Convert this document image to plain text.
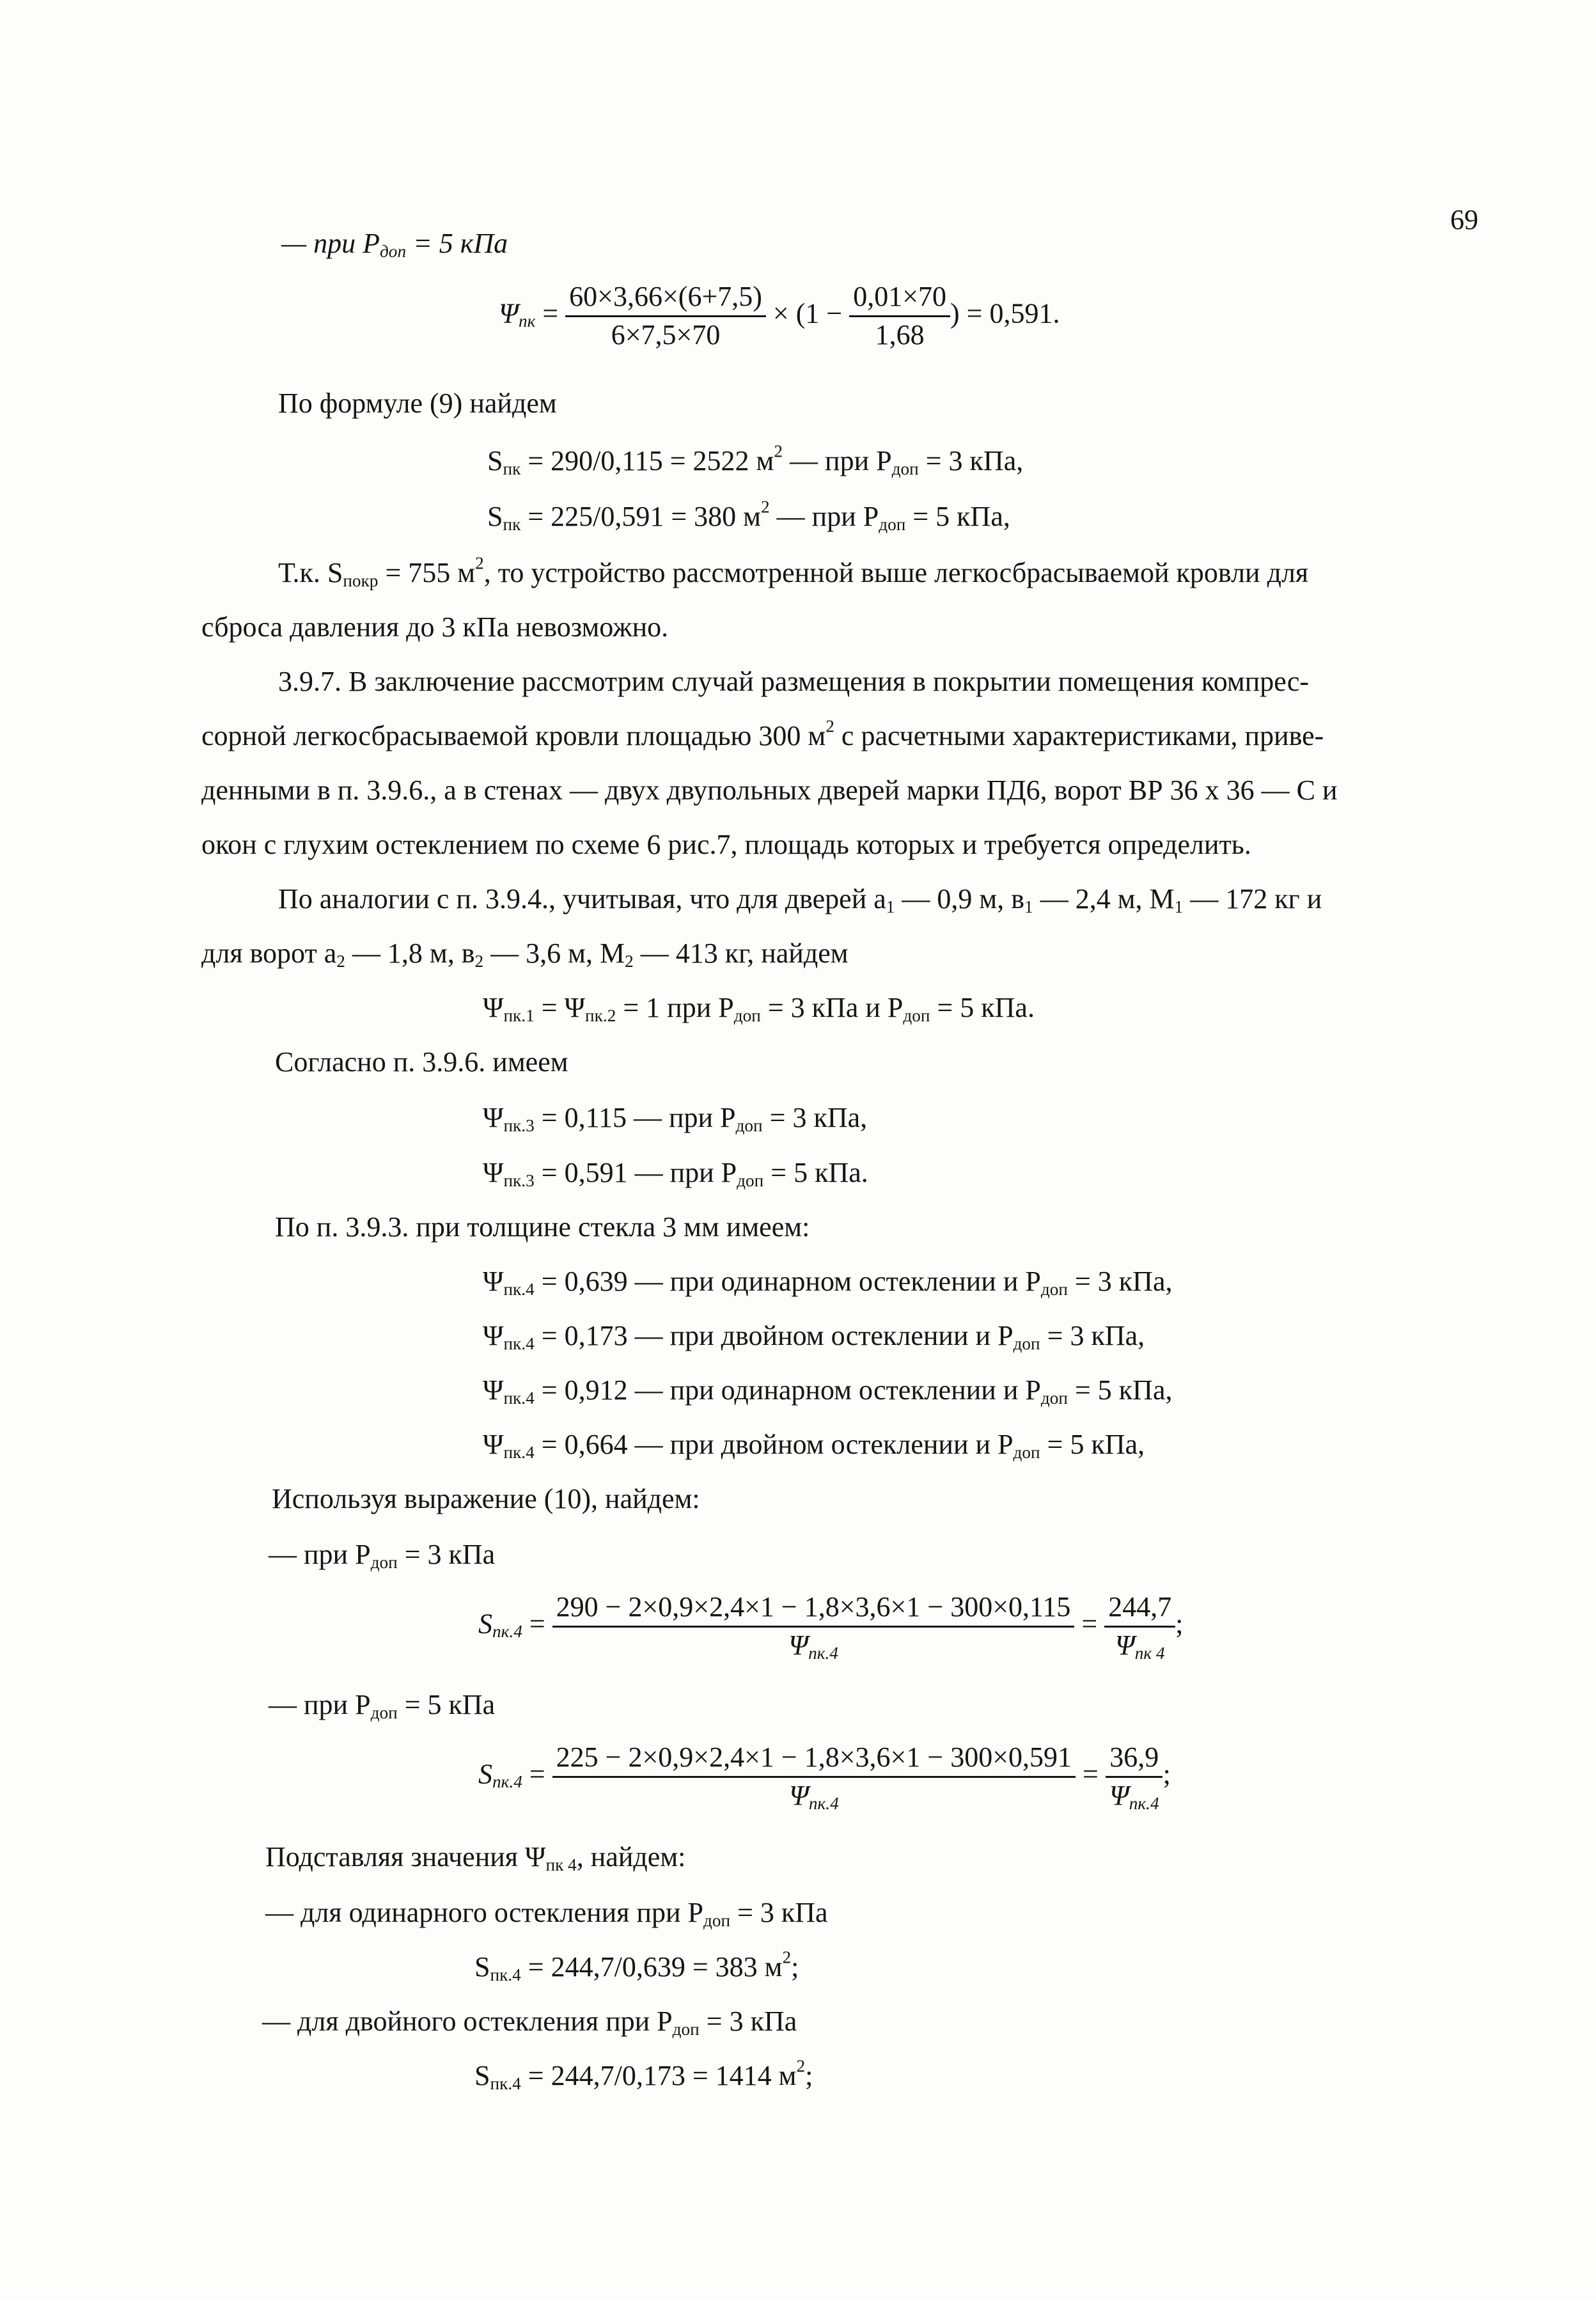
69
— при $P_{доп} = 5$ кПа
$\Psi_{пк} = \frac{60\times 3,66\times(6+7,5)}{6\times 7,5\times 70} \times (1 - \frac{0,01\times 70}{1,68}$ ) = 0,591.
По формуле (9) найдем
$S_{пк} = 290/0,115 = 2522$ $м^2$ — при $P_{доп} = 3$ кПа,
$S_{пк} = 225/0,591 = 380$ $м^2$ — при $P_{доп} = 5$ кПа,
Т.к. $S_{покр} = 755$ $м^2$, то устройство рассмотренной выше легкосбрасываемой кровли для
сброса давления до 3 кПа невозможно.
3.9.7. В заключение рассмотрим случай размещения в покрытии помещения компрес-
сорной легкосбрасываемой кровли площадью 300 $м^2$ с расчетными характеристиками, приве-
денными в п. 3.9.6., а в стенах — двух двупольных дверей марки ПД6, ворот ВР 36 х 36 — С и
окон с глухим остеклением по схеме 6 рис.7, площадь которых и требуется определить.
По аналогии с п. 3.9.4., учитывая, что для дверей $a_1$ — 0,9 м, $в_1$ — 2,4 м, $M_1$ — 172 кг и
для ворот $a_2$ — 1,8 м, $в_2$ — 3,6 м, $M_2$ — 413 кг, найдем
$\Psi_{пк.1} = \Psi_{пк.2} = 1$ при $P_{доп} = 3$ кПа и $P_{доп} = 5$ кПа.
Согласно п. 3.9.6. имеем
$\Psi_{пк.3} = 0,115$ — при $P_{доп} = 3$ кПа,
$\Psi_{пк.3} = 0,591$ — при $P_{доп} = 5$ кПа.
По п. 3.9.3. при толщине стекла 3 мм имеем:
$\Psi_{пк.4} = 0,639$ — при одинарном остеклении и $P_{доп} = 3$ кПа,
$\Psi_{пк.4} = 0,173$ — при двойном остеклении и $P_{доп} = 3$ кПа,
$\Psi_{пк.4} = 0,912$ — при одинарном остеклении и $P_{доп} = 5$ кПа,
$\Psi_{пк.4} = 0,664$ — при двойном остеклении и $P_{доп} = 5$ кПа,
Используя выражение (10), найдем:
— при $P_{доп} = 3$ кПа
$S_{пк.4} = \frac{290 - 2\times 0,9\times 2,4\times 1 - 1,8\times 3,6\times 1 - 300\times 0,115}{\Psi_{пк.4}} = \frac{244,7}{\Psi_{пк 4}}$ ;
— при $P_{доп} = 5$ кПа
$S_{пк.4} = \frac{225 - 2\times 0,9\times 2,4\times 1 - 1,8\times 3,6\times 1 - 300\times 0,591}{\Psi_{пк.4}} = \frac{36,9}{\Psi_{пк.4}}$ ;
Подставляя значения $\Psi_{пк 4}$, найдем:
— для одинарного остекления при $P_{доп} = 3$ кПа
$S_{пк.4} = 244,7/0,639 = 383$ $м^2$;
— для двойного остекления при $P_{доп} = 3$ кПа
$S_{пк.4} = 244,7/0,173 = 1414$ $м^2$;
